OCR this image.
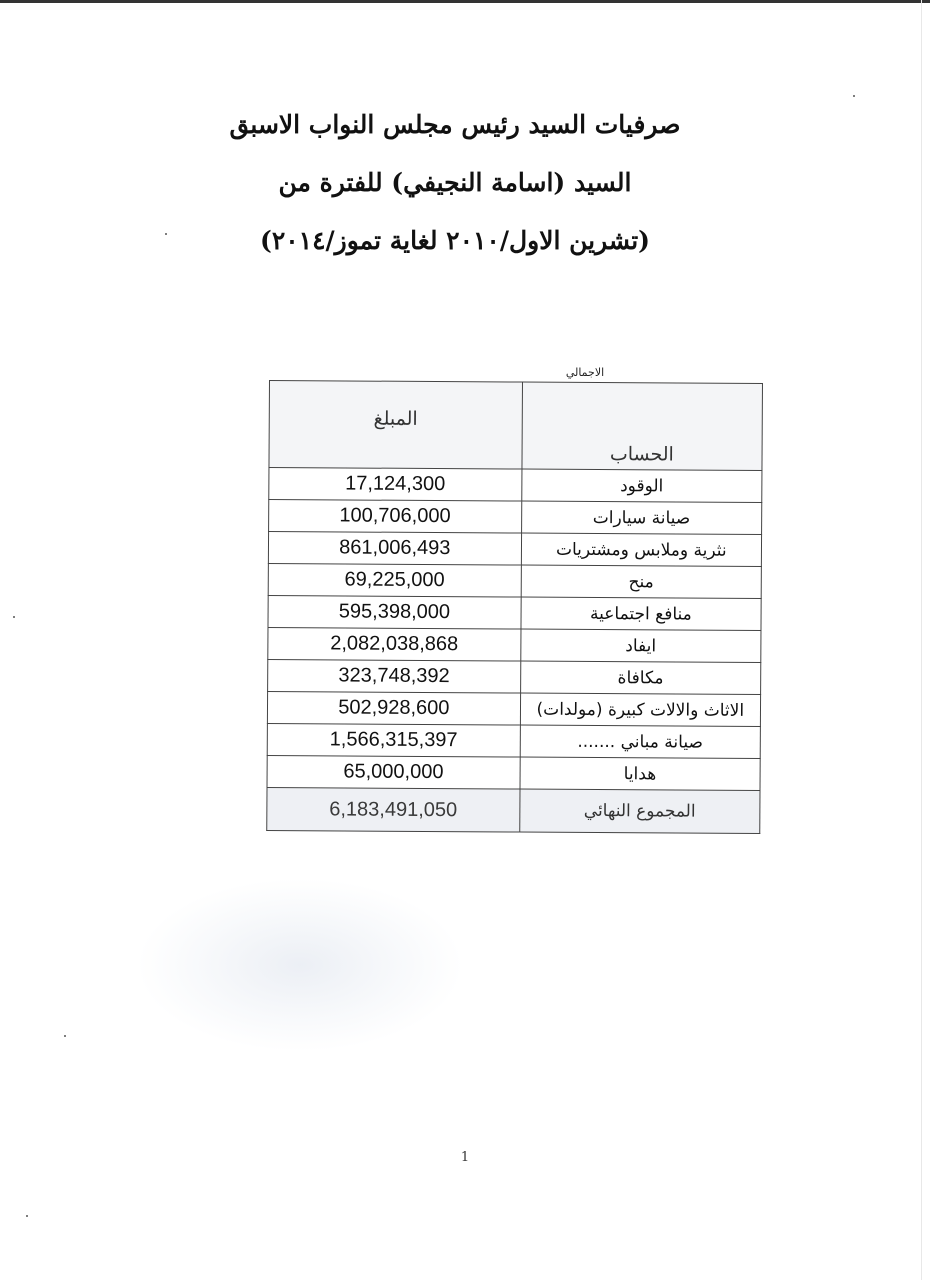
صرفيات السيد رئيس مجلس النواب الاسبق
السيد (اسامة النجيفي) للفترة من
(تشرين الاول/٢٠١٠ لغاية تموز/٢٠١٤)
الاجمالي
الحساب	المبلغ
الوقود	17,124,300
صيانة سيارات	100,706,000
نثرية وملابس ومشتريات	861,006,493
منح	69,225,000
منافع اجتماعية	595,398,000
ايفاد	2,082,038,868
مكافاة	323,748,392
الاثاث والالات كبيرة (مولدات)	502,928,600
صيانة مباني .......	1,566,315,397
هدايا	65,000,000
المجموع النهائي	6,183,491,050
1
